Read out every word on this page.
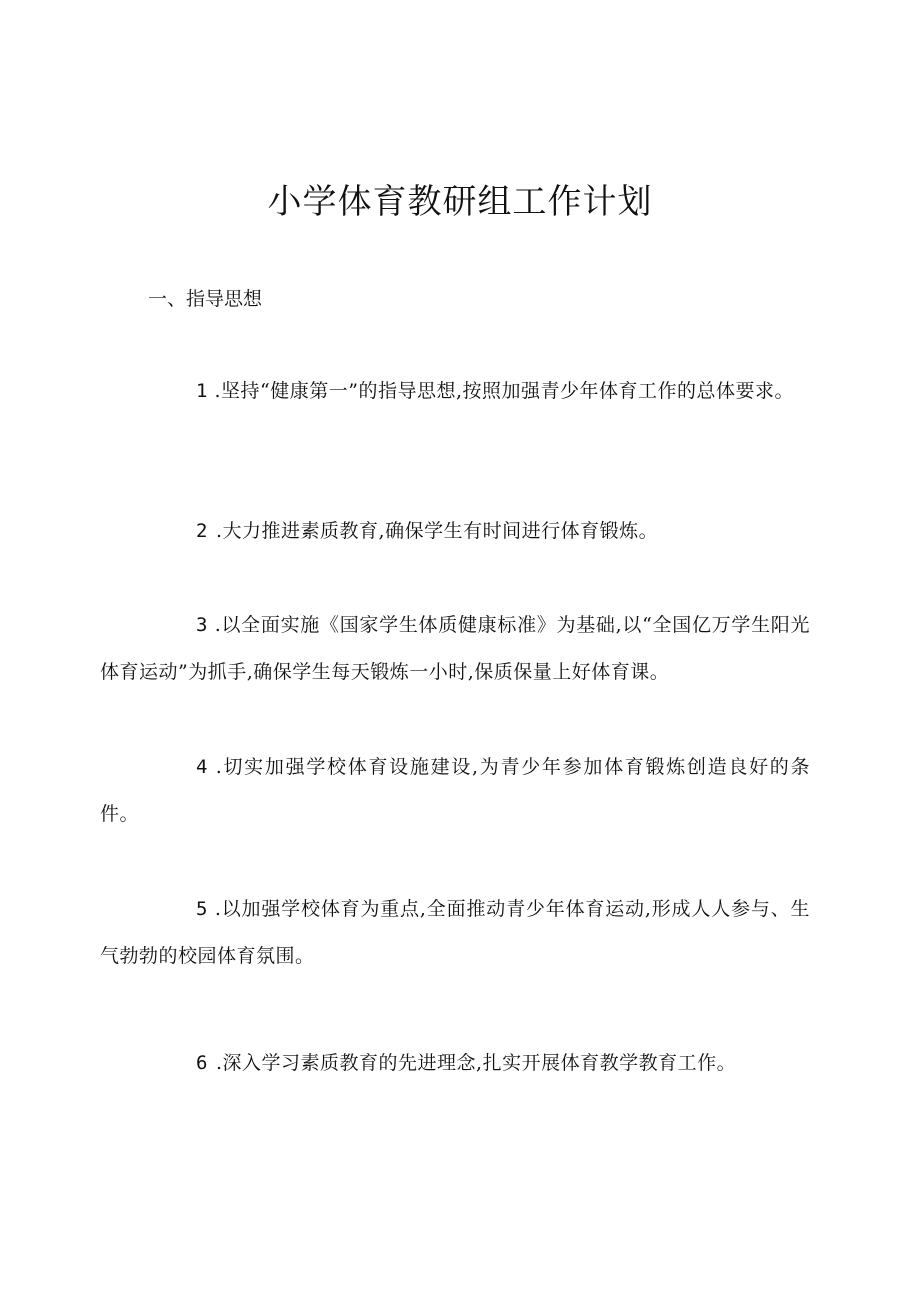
小学体育教研组工作计划
一、指导思想

1 .坚持“健康第一”的指导思想,按照加强青少年体育工作的总体要求。

2 .大力推进素质教育,确保学生有时间进行体育锻炼。

3 .以全面实施《国家学生体质健康标准》为基础,以“全国亿万学生阳光体育运动”为抓手,确保学生每天锻炼一小时,保质保量上好体育课。

4 .切实加强学校体育设施建设,为青少年参加体育锻炼创造良好的条件。

5 .以加强学校体育为重点,全面推动青少年体育运动,形成人人参与、生气勃勃的校园体育氛围。

6 .深入学习素质教育的先进理念,扎实开展体育教学教育工作。
